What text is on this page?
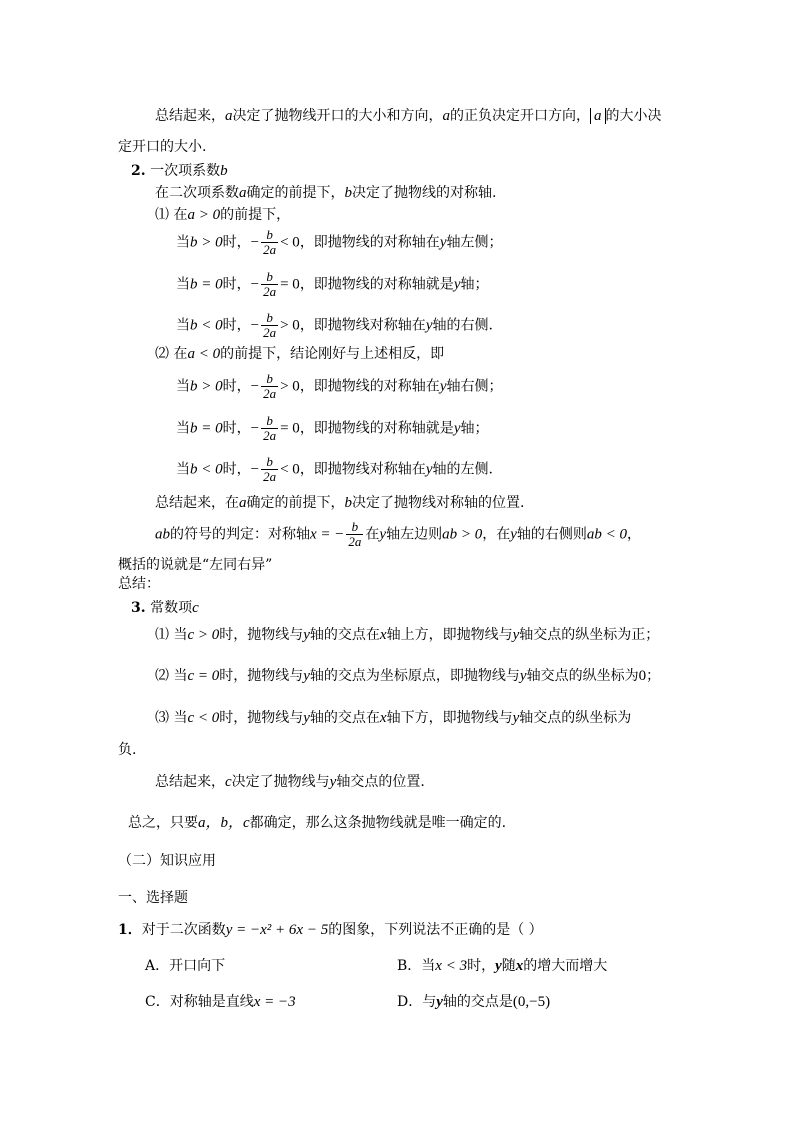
总结起来，a决定了抛物线开口的大小和方向，a的正负决定开口方向， a 的大小决
定开口的大小.
2. 一次项系数b
在二次项系数a确定的前提下，b决定了抛物线的对称轴.
⑴ 在a > 0的前提下，
当b > 0时，− $\frac{b}{2a} < 0$，即抛物线的对称轴在y轴左侧；
当b = 0时，− $\frac{b}{2a} = 0$，即抛物线的对称轴就是y轴；
当b < 0时，− $\frac{b}{2a} > 0$，即抛物线对称轴在y轴的右侧.
⑵ 在a < 0的前提下，结论刚好与上述相反，即
当b > 0时，− $\frac{b}{2a} > 0$，即抛物线的对称轴在y轴右侧；
当b = 0时，− $\frac{b}{2a} = 0$，即抛物线的对称轴就是y轴；
当b < 0时，− $\frac{b}{2a} < 0$，即抛物线对称轴在y轴的左侧.
总结起来，在a确定的前提下，b决定了抛物线对称轴的位置.
ab的符号的判定：对称轴x = − $\frac{b}{2a}$ 在y轴左边则ab > 0，在y轴的右侧则ab < 0，
概括的说就是“左同右异”
总结：
3. 常数项c
⑴ 当c > 0时，抛物线与y轴的交点在x轴上方，即抛物线与y轴交点的纵坐标为正；
⑵ 当c = 0时，抛物线与y轴的交点为坐标原点，即抛物线与y轴交点的纵坐标为0；
⑶ 当c < 0时，抛物线与y轴的交点在x轴下方，即抛物线与y轴交点的纵坐标为
负.
总结起来，c决定了抛物线与y轴交点的位置.
总之，只要a，b，c都确定，那么这条抛物线就是唯一确定的.
（二）知识应用
一、选择题
1．对于二次函数y = −x² + 6x − 5的图象，下列说法不正确的是（ ）
A．开口向下	B．当x < 3时，y随x的增大而增大
C．对称轴是直线x = −3	D．与y轴的交点是(0,−5)
